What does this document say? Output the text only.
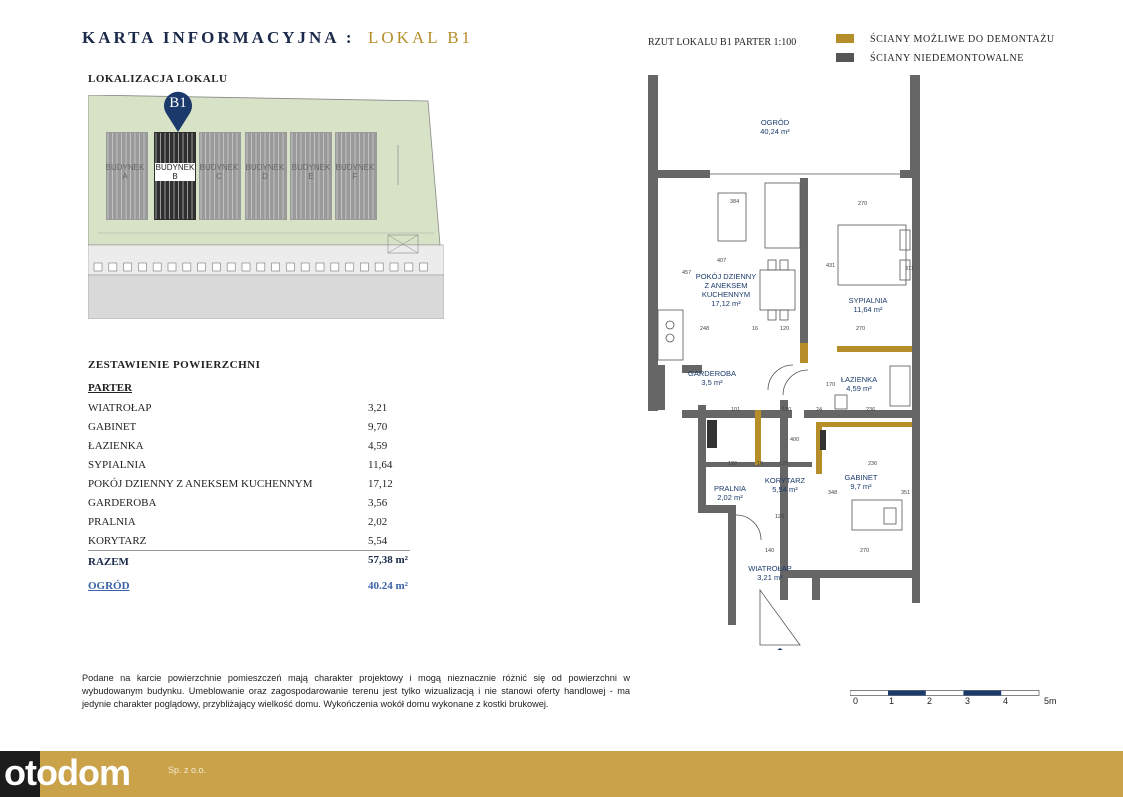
KARTA INFORMACYJNA : LOKAL B1
LOKALIZACJA LOKALU
B1
BUDYNEK A
BUDYNEK B
BUDYNEK C
BUDYNEK D
BUDYNEK E
BUDYNEK F
ZESTAWIENIE POWIERZCHNI
PARTER
WIATROŁAP	3,21
GABINET	9,70
ŁAZIENKA	4,59
SYPIALNIA	11,64
POKÓJ DZIENNY Z ANEKSEM KUCHENNYM	17,12
GARDEROBA	3,56
PRALNIA	2,02
KORYTARZ	5,54
RAZEM	57,38 m²
OGRÓD	40.24 m²
RZUT LOKALU B1 PARTER 1:100	ŚCIANY MOŻLIWE DO DEMONTAŻU
ŚCIANY NIEDEMONTOWALNE
OGRÓD
40,24 m²
POKÓJ DZIENNY
Z ANEKSEM
KUCHENNYM
17,12 m²	SYPIALNIA
11,64 m²
GARDEROBA
3,5 m²	ŁAZIENKA
4,59 m²
KORYTARZ
5,54 m²
PRALNIA
2,02 m²
GABINET
9,7 m²
WIATROŁAP
3,21 m²
384
407
457
270
431	311
248	16	120	270
236
101	120	24
126	16	120	236
348	351
400
170
120
140	270
0	1	2	3	4	5m
Podane na karcie powierzchnie pomieszczeń mają charakter projektowy i mogą nieznacznie różnić się od powierzchni w wybudowanym budynku. Umeblowanie oraz zagospodarowanie terenu jest tylko wizualizacją i nie stanowi oferty handlowej - ma jedynie charakter poglądowy, przybliżający wielkość domu. Wykończenia wokół domu wykonane z kostki brukowej.
otodom	Sp. z o.o.
